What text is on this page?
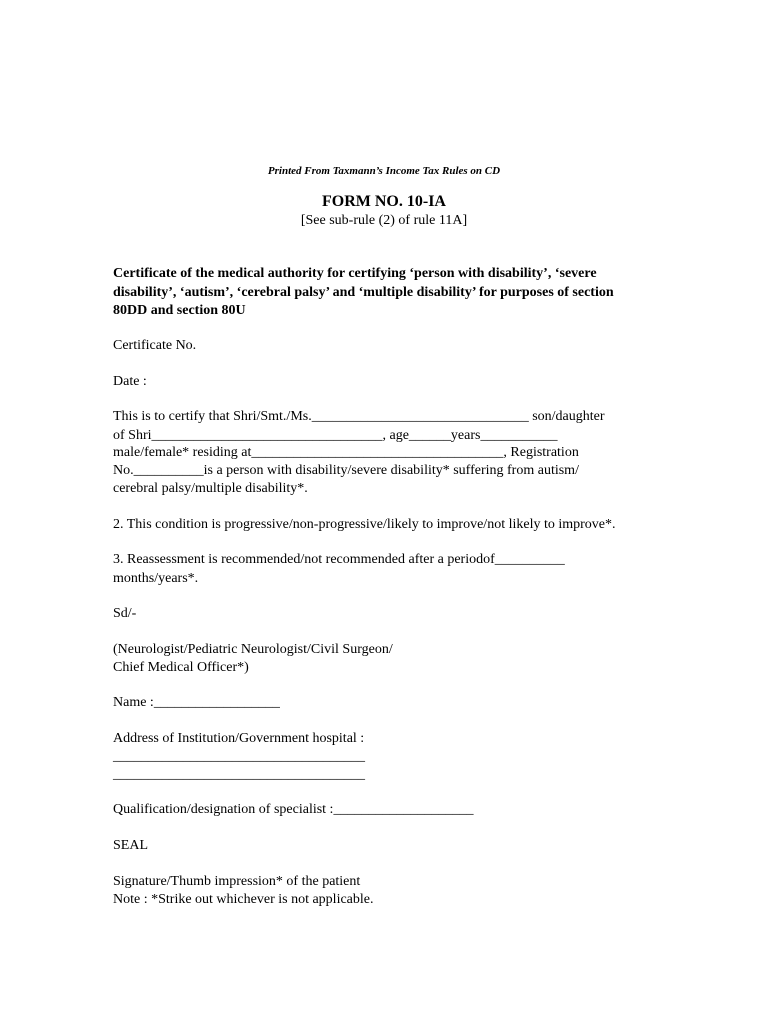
Printed From Taxmann’s Income Tax Rules on CD
FORM NO. 10-IA
[See sub-rule (2) of rule 11A]
Certificate of the medical authority for certifying ‘person with disability’, ‘severe
disability’, ‘autism’, ‘cerebral palsy’ and ‘multiple disability’ for purposes of section
80DD and section 80U
Certificate No.
Date :
This is to certify that Shri/Smt./Ms._______________________________ son/daughter
of Shri_________________________________, age______years___________
male/female* residing at____________________________________, Registration
No.__________is a person with disability/severe disability* suffering from autism/
cerebral palsy/multiple disability*.
2. This condition is progressive/non-progressive/likely to improve/not likely to improve*.
3. Reassessment is recommended/not recommended after a periodof__________
months/years*.
Sd/-
(Neurologist/Pediatric Neurologist/Civil Surgeon/
Chief Medical Officer*)
Name :__________________
Address of Institution/Government hospital :
____________________________________
____________________________________
Qualification/designation of specialist :____________________
SEAL
Signature/Thumb impression* of the patient
Note : *Strike out whichever is not applicable.
